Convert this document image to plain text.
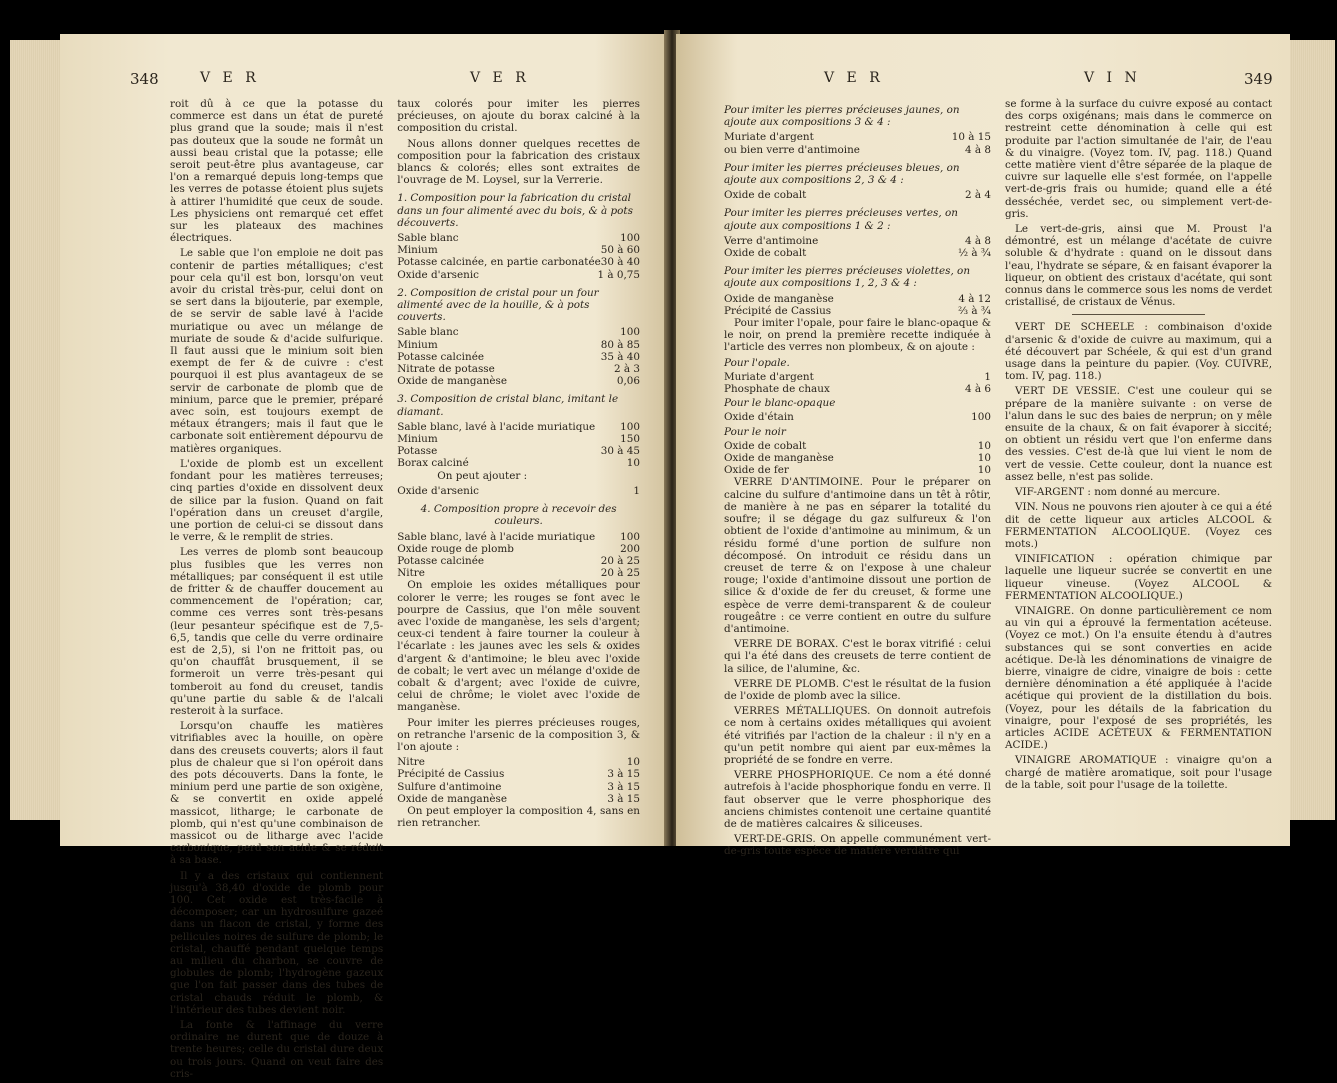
348	V E R	V E R

roit dû à ce que la potasse du commerce est dans un état de pureté plus grand que la soude; mais il n'est pas douteux que la soude ne formât un aussi beau cristal que la potasse; elle seroit peut-être plus avantageuse, car l'on a remarqué depuis long-temps que les verres de potasse étoient plus sujets à attirer l'humidité que ceux de soude. Les physiciens ont remarqué cet effet sur les plateaux des machines électriques.

Le sable que l'on emploie ne doit pas contenir de parties métalliques; c'est pour cela qu'il est bon, lorsqu'on veut avoir du cristal très-pur, celui dont on se sert dans la bijouterie, par exemple, de se servir de sable lavé à l'acide muriatique ou avec un mélange de muriate de soude & d'acide sulfurique. Il faut aussi que le minium soit bien exempt de fer & de cuivre : c'est pourquoi il est plus avantageux de se servir de carbonate de plomb que de minium, parce que le premier, préparé avec soin, est toujours exempt de métaux étrangers; mais il faut que le carbonate soit entièrement dépourvu de matières organiques.

L'oxide de plomb est un excellent fondant pour les matières terreuses; cinq parties d'oxide en dissolvent deux de silice par la fusion. Quand on fait l'opération dans un creuset d'argile, une portion de celui-ci se dissout dans le verre, & le remplit de stries.

Les verres de plomb sont beaucoup plus fusibles que les verres non métalliques; par conséquent il est utile de fritter & de chauffer doucement au commencement de l'opération; car, comme ces verres sont très-pesans (leur pesanteur spécifique est de 7,5-6,5, tandis que celle du verre ordinaire est de 2,5), si l'on ne frittoit pas, ou qu'on chauffât brusquement, il se formeroit un verre très-pesant qui tomberoit au fond du creuset, tandis qu'une partie du sable & de l'alcali resteroit à la surface.

Lorsqu'on chauffe les matières vitrifiables avec la houille, on opère dans des creusets couverts; alors il faut plus de chaleur que si l'on opéroit dans des pots découverts. Dans la fonte, le minium perd une partie de son oxigène, & se convertit en oxide appelé massicot, litharge; le carbonate de plomb, qui n'est qu'une combinaison de massicot ou de litharge avec l'acide carbonique, perd son acide & se réduit à sa base.

Il y a des cristaux qui contiennent jusqu'à 38,40 d'oxide de plomb pour 100. Cet oxide est très-facile à décomposer; car un hydrosulfure gazeé dans un flacon de cristal, y forme des pellicules noires de sulfure de plomb; le cristal, chauffé pendant quelque temps au milieu du charbon, se couvre de globules de plomb; l'hydrogène gazeux que l'on fait passer dans des tubes de cristal chauds réduit le plomb, & l'intérieur des tubes devient noir.

La fonte & l'affinage du verre ordinaire ne durent que de douze à trente heures; celle du cristal dure deux ou trois jours. Quand on veut faire des cris-

taux colorés pour imiter les pierres précieuses, on ajoute du borax calciné à la composition du cristal.

Nous allons donner quelques recettes de composition pour la fabrication des cristaux blancs & colorés; elles sont extraites de l'ouvrage de M. Loysel, sur la Verrerie.

1. Composition pour la fabrication du cristal dans un four alimenté avec du bois, & à pots découverts.

Sable blanc	100
Minium	50 à 60
Potasse calcinée, en partie carbonatée 30 à 40
Oxide d'arsenic	1 à 0,75

2. Composition de cristal pour un four alimenté avec de la houille, & à pots couverts.

Sable blanc	100
Minium	80 à 85
Potasse calcinée	35 à 40
Nitrate de potasse	2 à 3
Oxide de manganèse	0,06

3. Composition de cristal blanc, imitant le diamant.

Sable blanc, lavé à l'acide muriatique 100
Minium	150
Potasse	30 à 45
Borax calciné	10

On peut ajouter :

Oxide d'arsenic	1

4. Composition propre à recevoir des couleurs.

Sable blanc, lavé à l'acide muriatique 100
Oxide rouge de plomb	200
Potasse calcinée	20 à 25
Nitre	20 à 25

On emploie les oxides métalliques pour colorer le verre; les rouges se font avec le pourpre de Cassius, que l'on mêle souvent avec l'oxide de manganèse, les sels d'argent; ceux-ci tendent à faire tourner la couleur à l'écarlate : les jaunes avec les sels & oxides d'argent & d'antimoine; le bleu avec l'oxide de cobalt; le vert avec un mélange d'oxide de cobalt & d'argent; avec l'oxide de cuivre, celui de chrôme; le violet avec l'oxide de manganèse.

Pour imiter les pierres précieuses rouges, on retranche l'arsenic de la composition 3, & l'on ajoute :

Nitre	10
Précipité de Cassius	3 à 15
Sulfure d'antimoine	3 à 15
Oxide de manganèse	3 à 15

On peut employer la composition 4, sans en rien retrancher.

V E R	V I N	349

Pour imiter les pierres précieuses jaunes, on ajoute aux compositions 3 & 4 :

Muriate d'argent	10 à 15
ou bien verre d'antimoine	4 à 8

Pour imiter les pierres précieuses bleues, on ajoute aux compositions 2, 3 & 4 :

Oxide de cobalt	2 à 4

Pour imiter les pierres précieuses vertes, on ajoute aux compositions 1 & 2 :

Verre d'antimoine	4 à 8
Oxide de cobalt	½ à ¾

Pour imiter les pierres précieuses violettes, on ajoute aux compositions 1, 2, 3 & 4 :

Oxide de manganèse	4 à 12
Précipité de Cassius	⅔ à ¾

Pour imiter l'opale, pour faire le blanc-opaque & le noir, on prend la première recette indiquée à l'article des verres non plombeux, & on ajoute :

Pour l'opale.

Muriate d'argent	1
Phosphate de chaux	4 à 6

Pour le blanc-opaque

Oxide d'étain	100

Pour le noir

Oxide de cobalt	10
Oxide de manganèse	10
Oxide de fer	10

VERRE D'ANTIMOINE. Pour le préparer on calcine du sulfure d'antimoine dans un têt à rôtir, de manière à ne pas en séparer la totalité du soufre; il se dégage du gaz sulfureux & l'on obtient de l'oxide d'antimoine au minimum, & un résidu formé d'une portion de sulfure non décomposé. On introduit ce résidu dans un creuset de terre & on l'expose à une chaleur rouge; l'oxide d'antimoine dissout une portion de silice & d'oxide de fer du creuset, & forme une espèce de verre demi-transparent & de couleur rougeâtre : ce verre contient en outre du sulfure d'antimoine.

VERRE DE BORAX. C'est le borax vitrifié : celui qui l'a été dans des creusets de terre contient de la silice, de l'alumine, &c.

VERRE DE PLOMB. C'est le résultat de la fusion de l'oxide de plomb avec la silice.

VERRES MÉTALLIQUES. On donnoit autrefois ce nom à certains oxides métalliques qui avoient été vitrifiés par l'action de la chaleur : il n'y en a qu'un petit nombre qui aient par eux-mêmes la propriété de se fondre en verre.

VERRE PHOSPHORIQUE. Ce nom a été donné autrefois à l'acide phosphorique fondu en verre. Il faut observer que le verre phosphorique des anciens chimistes contenoit une certaine quantité de de matières calcaires & siliceuses.

VERT-DE-GRIS. On appelle communément vert-de-gris toute espèce de matière verdâtre qui

se forme à la surface du cuivre exposé au contact des corps oxigénans; mais dans le commerce on restreint cette dénomination à celle qui est produite par l'action simultanée de l'air, de l'eau & du vinaigre. (Voyez tom. IV, pag. 118.) Quand cette matière vient d'être séparée de la plaque de cuivre sur laquelle elle s'est formée, on l'appelle vert-de-gris frais ou humide; quand elle a été desséchée, verdet sec, ou simplement vert-de-gris.

Le vert-de-gris, ainsi que M. Proust l'a démontré, est un mélange d'acétate de cuivre soluble & d'hydrate : quand on le dissout dans l'eau, l'hydrate se sépare, & en faisant évaporer la liqueur, on obtient des cristaux d'acétate, qui sont connus dans le commerce sous les noms de verdet cristallisé, de cristaux de Vénus.

VERT DE SCHEELE : combinaison d'oxide d'arsenic & d'oxide de cuivre au maximum, qui a été découvert par Schéele, & qui est d'un grand usage dans la peinture du papier. (Voy. CUIVRE, tom. IV, pag. 118.)

VERT DE VESSIE. C'est une couleur qui se prépare de la manière suivante : on verse de l'alun dans le suc des baies de nerprun; on y mêle ensuite de la chaux, & on fait évaporer à siccité; on obtient un résidu vert que l'on enferme dans des vessies. C'est de-là que lui vient le nom de vert de vessie. Cette couleur, dont la nuance est assez belle, n'est pas solide.

VIF-ARGENT : nom donné au mercure.

VIN. Nous ne pouvons rien ajouter à ce qui a été dit de cette liqueur aux articles ALCOOL & FERMENTATION ALCOOLIQUE. (Voyez ces mots.)

VINIFICATION : opération chimique par laquelle une liqueur sucrée se convertit en une liqueur vineuse. (Voyez ALCOOL & FERMENTATION ALCOOLIQUE.)

VINAIGRE. On donne particulièrement ce nom au vin qui a éprouvé la fermentation acéteuse. (Voyez ce mot.) On l'a ensuite étendu à d'autres substances qui se sont converties en acide acétique. De-là les dénominations de vinaigre de bierre, vinaigre de cidre, vinaigre de bois : cette dernière dénomination a été appliquée à l'acide acétique qui provient de la distillation du bois. (Voyez, pour les détails de la fabrication du vinaigre, pour l'exposé de ses propriétés, les articles ACIDE ACÉTEUX & FERMENTATION ACIDE.)

VINAIGRE AROMATIQUE : vinaigre qu'on a chargé de matière aromatique, soit pour l'usage de la table, soit pour l'usage de la toilette.
